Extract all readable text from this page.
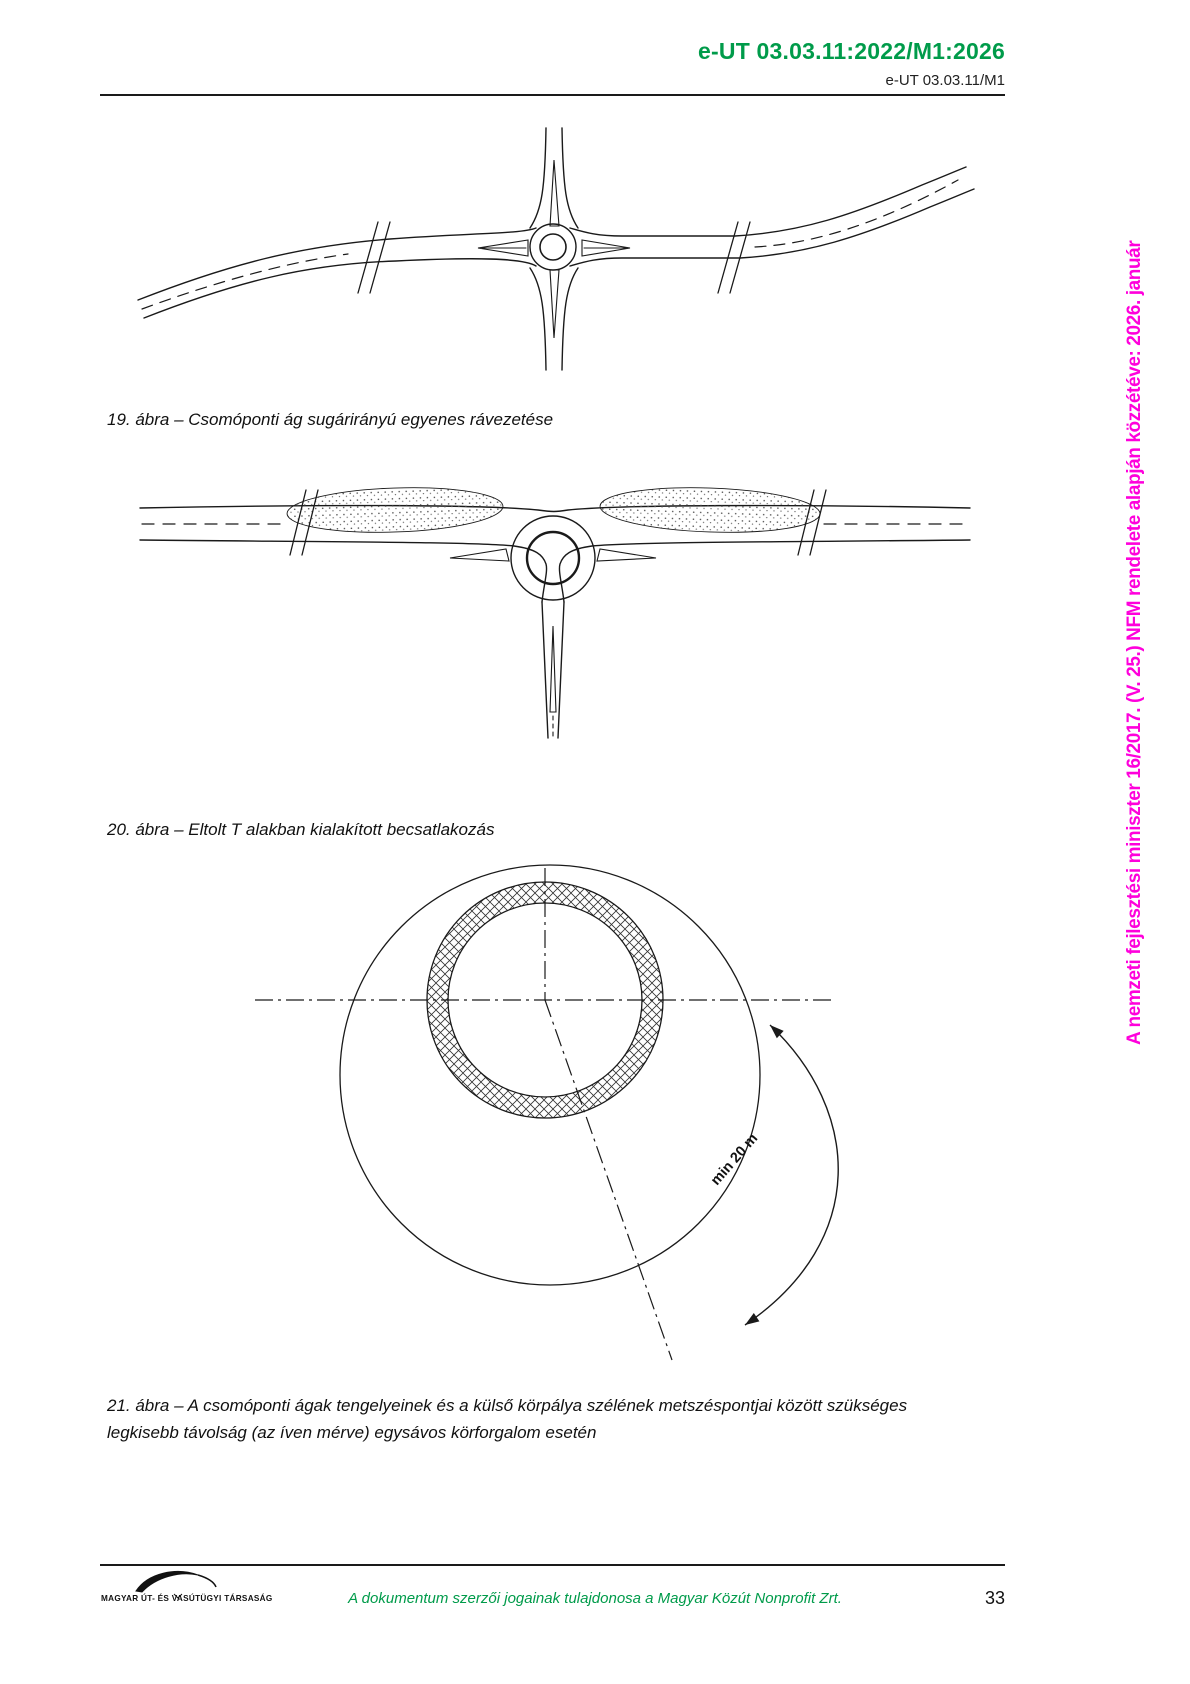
e-UT 03.03.11:2022/M1:2026
e-UT 03.03.11/M1
19. ábra – Csomóponti ág sugárirányú egyenes rávezetése
20. ábra – Eltolt T alakban kialakított becsatlakozás
min 20 m
21. ábra – A csomóponti ágak tengelyeinek és a külső körpálya szélének metszéspontjai között szükséges legkisebb távolság (az íven mérve) egysávos körforgalom esetén
A nemzeti fejlesztési miniszter 16/2017. (V. 25.) NFM rendelete alapján közzétéve: 2026. január
MAGYAR ÚT- ÉS VASÚTÜGYI TÁRSASÁG	A dokumentum szerzői jogainak tulajdonosa a Magyar Közút Nonprofit Zrt.	33
